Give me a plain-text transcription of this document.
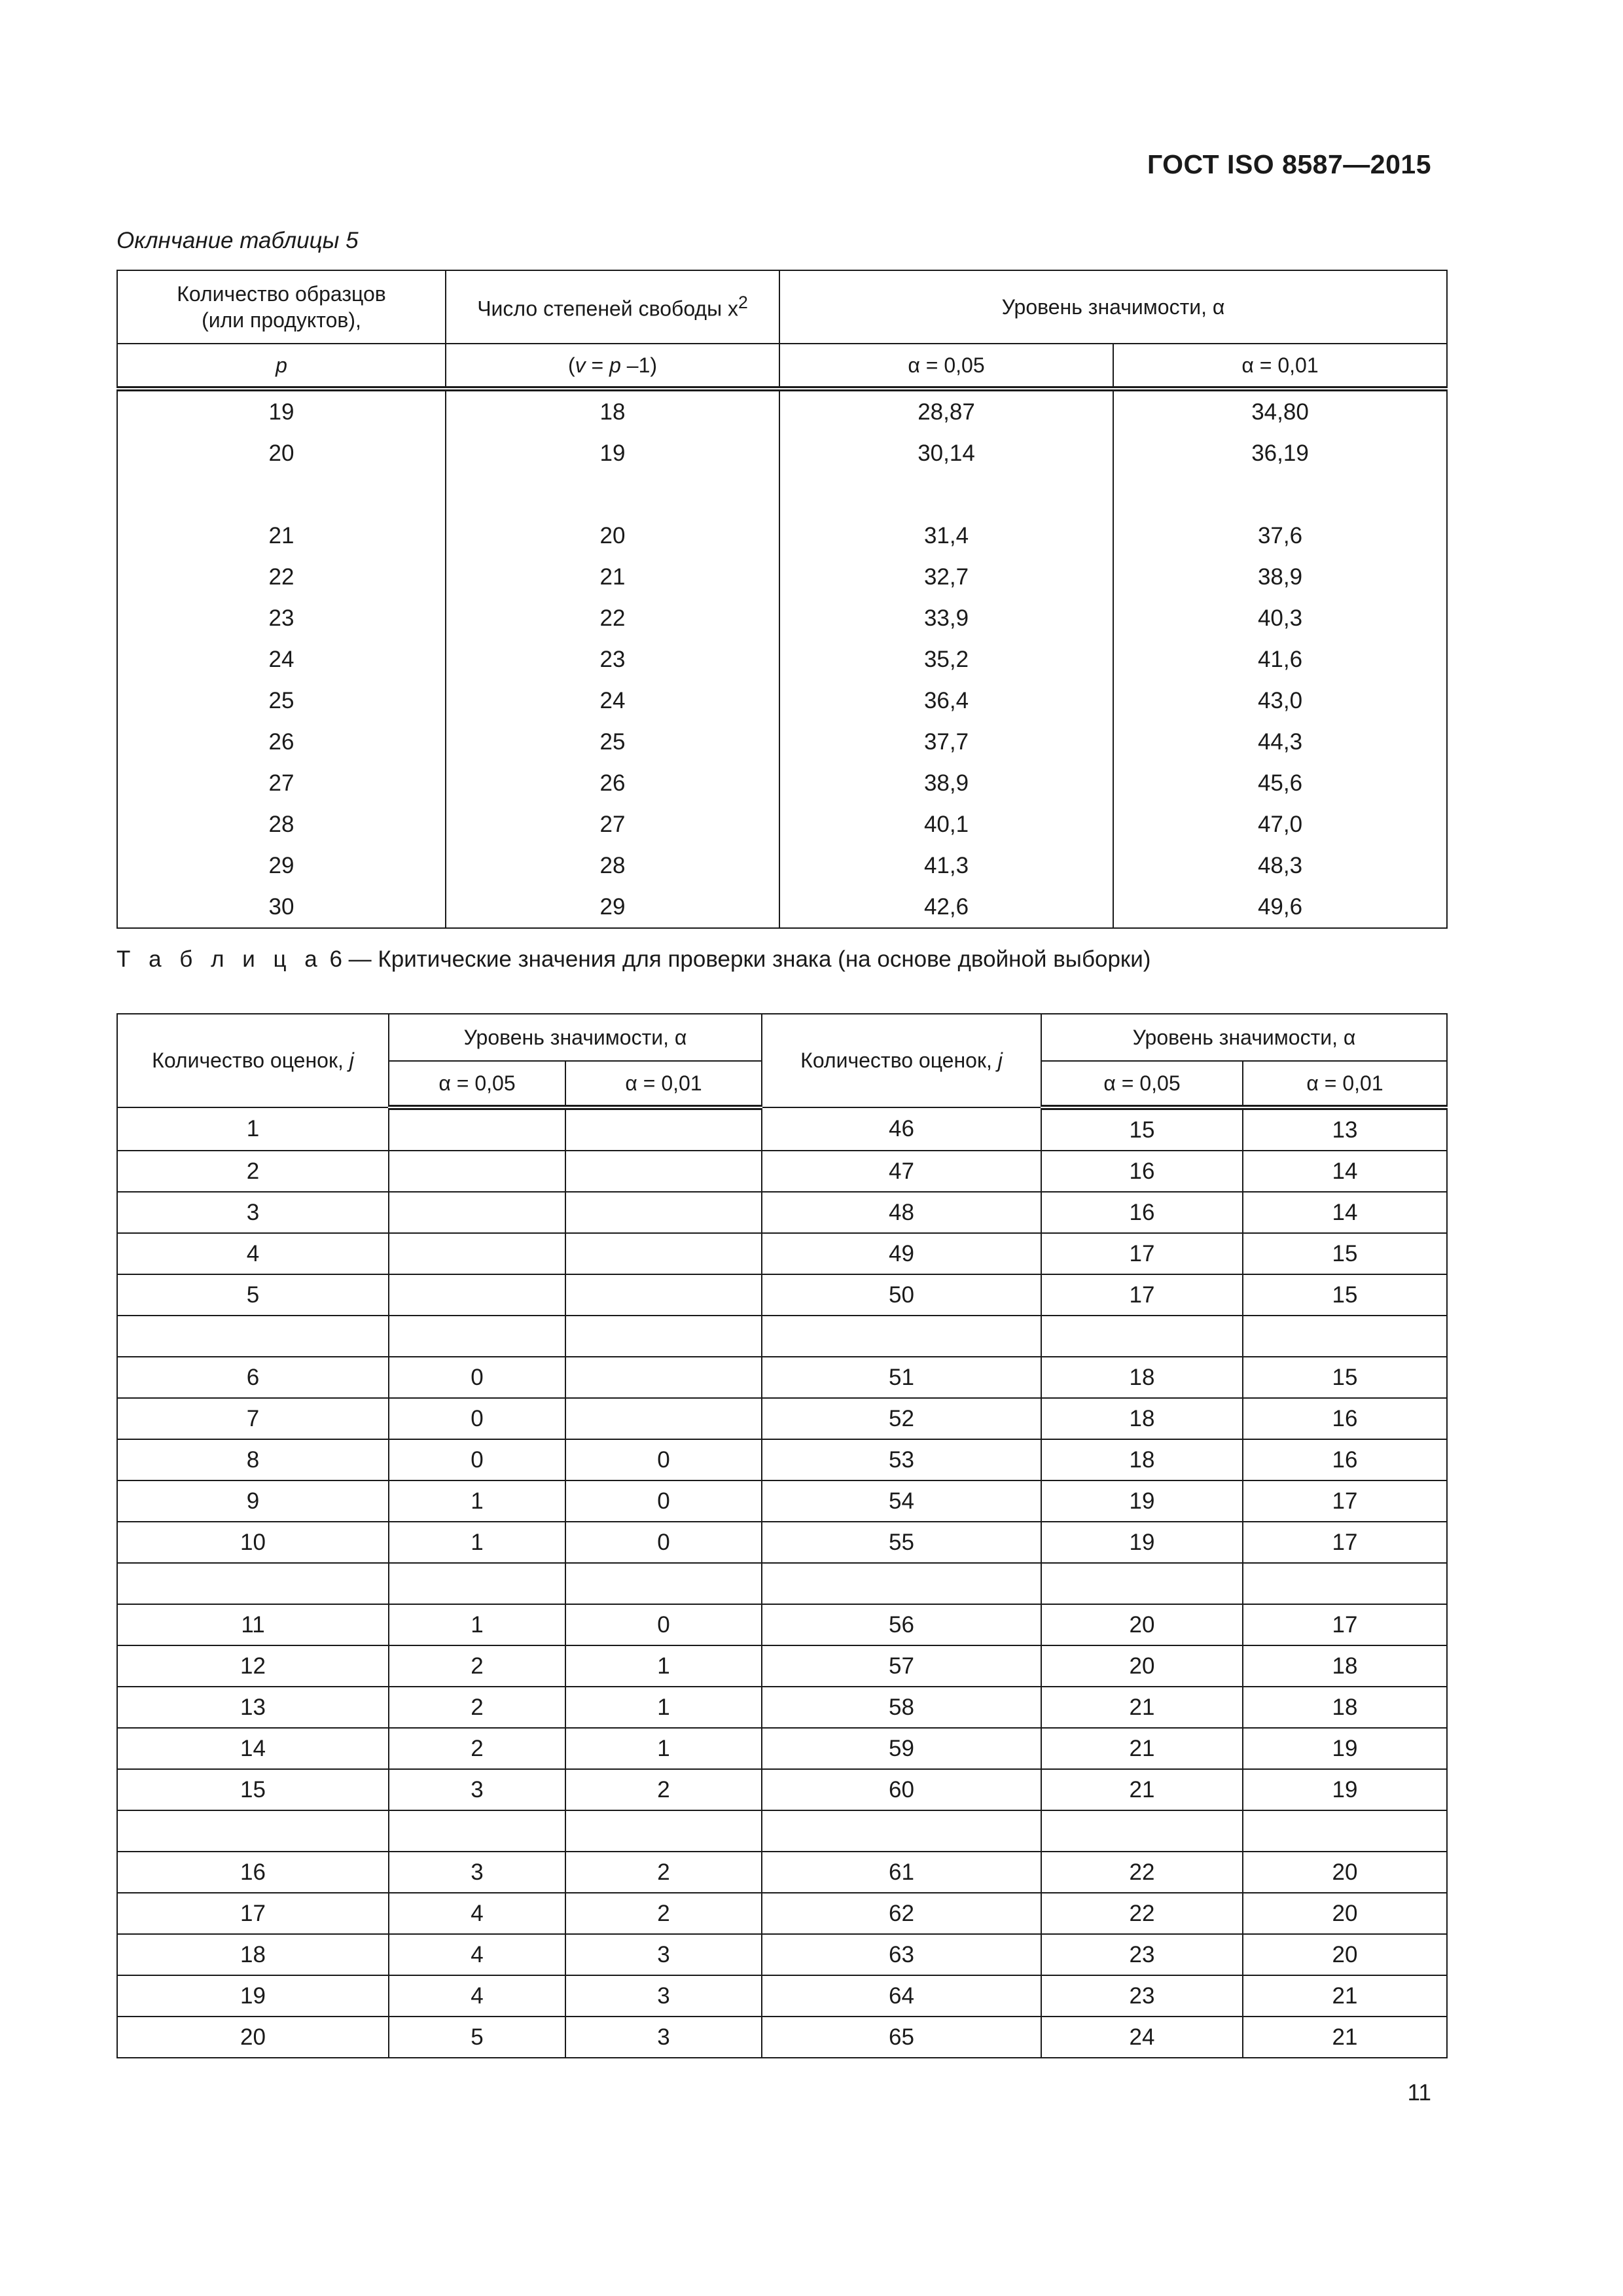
ГОСТ ISO 8587—2015
Оклнчание таблицы 5
Количество образцов
(или продуктов),	Число степеней свободы $x^2$	Уровень значимости, α	
p	(v = p –1)	α = 0,05	α = 0,01
19	18	28,87	34,80
20	19	30,14	36,19

21	20	31,4	37,6
22	21	32,7	38,9
23	22	33,9	40,3
24	23	35,2	41,6
25	24	36,4	43,0
26	25	37,7	44,3
27	26	38,9	45,6
28	27	40,1	47,0
29	28	41,3	48,3
30	29	42,6	49,6
Т а б л и ц а 6 — Критические значения для проверки знака (на основе двойной выборки)
Количество оценок, j	Уровень значимости, α		Количество оценок, j	Уровень значимости, α	
	α = 0,05	α = 0,01		α = 0,05	α = 0,01
1			46	15	13
2			47	16	14
3			48	16	14
4			49	17	15
5			50	17	15

6	0		51	18	15
7	0		52	18	16
8	0	0	53	18	16
9	1	0	54	19	17
10	1	0	55	19	17

11	1	0	56	20	17
12	2	1	57	20	18
13	2	1	58	21	18
14	2	1	59	21	19
15	3	2	60	21	19

16	3	2	61	22	20
17	4	2	62	22	20
18	4	3	63	23	20
19	4	3	64	23	21
20	5	3	65	24	21
11
